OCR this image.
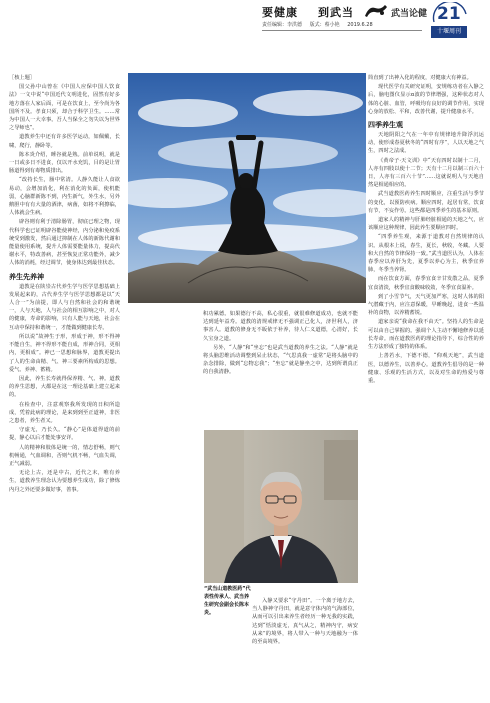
要健康 到武当	武当论健
责任编辑：李洪德 版式：蔡小艳 2019.6.28
21
十堰周刊

［核上题］

国父孙中山曾在《中国人应保中国人饮食法》一文中说“中国近代文明进化，固然有好多地方落在人家后面，可是在饮食上，至今尚为各国所不及。孝食只须，却合于科学卫生。……常为中国人一大幸事。吾人当保全之勿失以为世界之导师也”。

道教养生中还有许多医学运动，如佩戴，长啸，爬行，静卧等。

陈本炎介绍，睡谷就是熟。前单说明，就是一日或多日不进食，仅以开水充饥，目的是让胃肠道得到有毒物质排出。

“改持长生，肠中常清。人静久能让人食欲易动，会增加消化，利在消化的负面，使机能弱，心脑群新陈不到，内生新气，外生水，另外鹅胆中有有大量的酒津，病菌，如将不利擦临，人体就会生病。

辟谷则有利于清除肠胃，彻底已理之物，现代科学也已证明辟谷能使神经，内分泌和免疫系统受到激发，然后通过抑制在人体的新陈代谢和能量使用系统，提升人体需要能量体力，提高代谢水平，特改善病，甚至恢复正常功能外，减少人体的消耗，经过调节，使身体达到最佳状态。

养生先养神

道教是在陕崇古代养生学与医学思想基础上发展起来的，古代养生学与医学思想都是以“天人合一”为前提，即人与自然和社会的和谐统一，人与天地，人与社会的相互影响之中，对人的健康，寿命的影响，只有人能与天地，社会在互动中保持和谐统一，才能做到健康长寿。

所以说“故神生于形，形成于神，形不得神不能自生，神不得形不能自成，形神合同，更相内，更相成”。神已一思想和脉界，道教更提出了人的生命由精、气、神三要素所构成的思想。爱气、养神、蓄精。

因此，养生长寿就得保养精、气、神。道教的养生思想，大都是在这一理论基础上建立起来的。

在检查中，注意观察我所发现的日积所造成，凭着此病的理论，是来到到至正道神，非医之患者，养生者又。

守虚无，乃长久。“静心”是体道得道的前提，静心以后才能处事安详。

人的精神和肢体是统一的，情志舒畅，则气机畅通，气血调和，否则气机不畅，气血失调，正气减弱。

无论上古，还是中古，近代之末，唯有养生，道教养生理念认为要想养生成功，除了修炼内丹之外还要多做好事，善事。

积功累德。如果德行不高，私心很重，就很难修道成功，也就不能达到延年益寿。道教的清规戒律无不强调正己化人，济世利人，济事害人。道教的修身无不皈依于补养，待人仁义道德，心清好，长久宝身之道。

另外，“人静”和“坐忘”也是武当道教的养生之法。“人静”就是将头脑思维活动调整到呆止状态，“气思真我一虚常”是将头脑中的杂念排除，做到“忘物忘我”；“坐忘”就是静坐之中，达到所谓真正的自我清静。

“武当山道教医药”代表性传承人、武当养生研究会副会长陈本炎。

入静又要求“守丹田”。一个离于地方去，当人静神守丹田，就是意守体内的气海部位，从而可以引出来养生者经历一种无我的实践，达到“恬淡虚无，真气从之，精神内守，病安从来”的境界，将人带入一种与天地融为一体的至高境界。

简直到了出神入化的程度，对健康大有神益。

现代医学有关研究证明，安规练功者在入静之后，脑电图仪显示α波的节律增强，这种状态对人体的心脏、血管，呼吸均有良好的调节作用，实现心身的放松、平和，改善代谢，提升健康水平。

四季养生观

天地阴阳之气在一年中有规律地升降浮沉运动，使形成春夏秋冬的“四时有序”，人以天地之气生，四时之法成。

《黄帝子·天文训》中“天有四时以制十二月，人亦有四肢以使十二节；天有十二月以制三百六十日，人亦有三百六十节”……这就说明人与天地自然是相通相应的。

武当道教医药养生四时顺应，注重生活与季节的变化，以预防疾病。顺应四时，起居有常，饮食有节，不妄作劳。这些都是四季养生的基本原则。

道家人的精神与肝肺经脏相通的天地之气，应该顺应这种规律，因此养生要顺应四时。

“四季养生观，来源于道教对自然规律的认识。从根本上说，春生，夏长，秋收，冬藏。人要和大自然的节律保持一致。”武当道医认为，人体在春季应以养肝为先，夏季以养心为主，秋季宜养肺，冬季当养肾。

而在饮食方面，春季宜食辛甘发散之品，夏季宜食清淡，秋季宜食酸味收敛，冬季宜食温补。

到了小雪节气，天气更加严寒，这时人体的阳气潜藏于内，应注意保暖，早睡晚起，进食一些温补的食物，以养精蓄锐。

道家亲说“我命在我不由天”。坚持人的生命是可以由自己掌握的。强调个人主动不懈地修养以延长寿命。而在道教医药的理论指导下，综合性的养生方法形成了独特的体系。

上善若水，下德不德，“仰观天地”，武当道医，以德养生，以善养心。道教养生倡导的是一种健康、乐观的生活方式，以及对生命的热爱与尊重。
